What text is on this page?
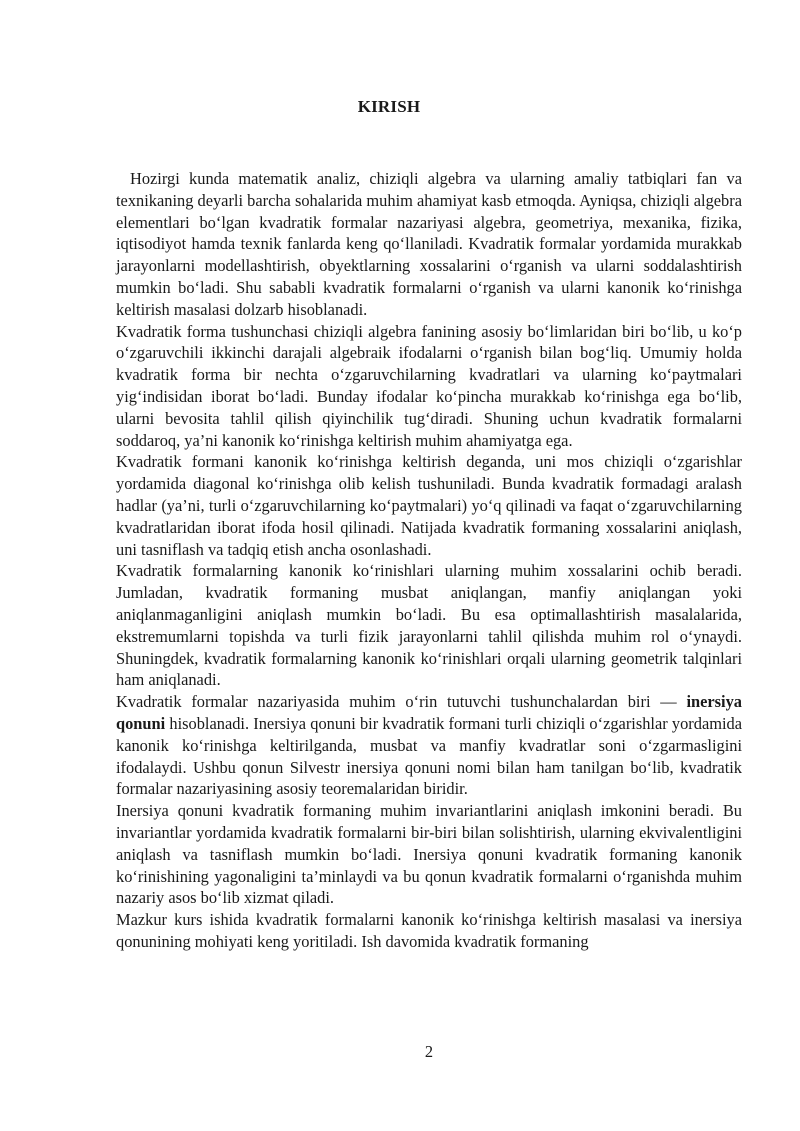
KIRISH

Hozirgi kunda matematik analiz, chiziqli algebra va ularning amaliy tatbiqlari fan va texnikaning deyarli barcha sohalarida muhim ahamiyat kasb etmoqda. Ayniqsa, chiziqli algebra elementlari bo‘lgan kvadratik formalar nazariyasi algebra, geometriya, mexanika, fizika, iqtisodiyot hamda texnik fanlarda keng qo‘llaniladi. Kvadratik formalar yordamida murakkab jarayonlarni modellashtirish, obyektlarning xossalarini o‘rganish va ularni soddalashtirish mumkin bo‘ladi. Shu sababli kvadratik formalarni o‘rganish va ularni kanonik ko‘rinishga keltirish masalasi dolzarb hisoblanadi.

Kvadratik forma tushunchasi chiziqli algebra fanining asosiy bo‘limlaridan biri bo‘lib, u ko‘p o‘zgaruvchili ikkinchi darajali algebraik ifodalarni o‘rganish bilan bog‘liq. Umumiy holda kvadratik forma bir nechta o‘zgaruvchilarning kvadratlari va ularning ko‘paytmalari yig‘indisidan iborat bo‘ladi. Bunday ifodalar ko‘pincha murakkab ko‘rinishga ega bo‘lib, ularni bevosita tahlil qilish qiyinchilik tug‘diradi. Shuning uchun kvadratik formalarni soddaroq, ya’ni kanonik ko‘rinishga keltirish muhim ahamiyatga ega.

Kvadratik formani kanonik ko‘rinishga keltirish deganda, uni mos chiziqli o‘zgarishlar yordamida diagonal ko‘rinishga olib kelish tushuniladi. Bunda kvadratik formadagi aralash hadlar (ya’ni, turli o‘zgaruvchilarning ko‘paytmalari) yo‘q qilinadi va faqat o‘zgaruvchilarning kvadratlaridan iborat ifoda hosil qilinadi. Natijada kvadratik formaning xossalarini aniqlash, uni tasniflash va tadqiq etish ancha osonlashadi.

Kvadratik formalarning kanonik ko‘rinishlari ularning muhim xossalarini ochib beradi. Jumladan, kvadratik formaning musbat aniqlangan, manfiy aniqlangan yoki aniqlanmaganligini aniqlash mumkin bo‘ladi. Bu esa optimallashtirish masalalarida, ekstremumlarni topishda va turli fizik jarayonlarni tahlil qilishda muhim rol o‘ynaydi. Shuningdek, kvadratik formalarning kanonik ko‘rinishlari orqali ularning geometrik talqinlari ham aniqlanadi.

Kvadratik formalar nazariyasida muhim o‘rin tutuvchi tushunchalardan biri — inersiya qonuni hisoblanadi. Inersiya qonuni bir kvadratik formani turli chiziqli o‘zgarishlar yordamida kanonik ko‘rinishga keltirilganda, musbat va manfiy kvadratlar soni o‘zgarmasligini ifodalaydi. Ushbu qonun Silvestr inersiya qonuni nomi bilan ham tanilgan bo‘lib, kvadratik formalar nazariyasining asosiy teoremalaridan biridir.

Inersiya qonuni kvadratik formaning muhim invariantlarini aniqlash imkonini beradi. Bu invariantlar yordamida kvadratik formalarni bir-biri bilan solishtirish, ularning ekvivalentligini aniqlash va tasniflash mumkin bo‘ladi. Inersiya qonuni kvadratik formaning kanonik ko‘rinishining yagonaligini ta’minlaydi va bu qonun kvadratik formalarni o‘rganishda muhim nazariy asos bo‘lib xizmat qiladi.

Mazkur kurs ishida kvadratik formalarni kanonik ko‘rinishga keltirish masalasi va inersiya qonunining mohiyati keng yoritiladi. Ish davomida kvadratik formaning

2
